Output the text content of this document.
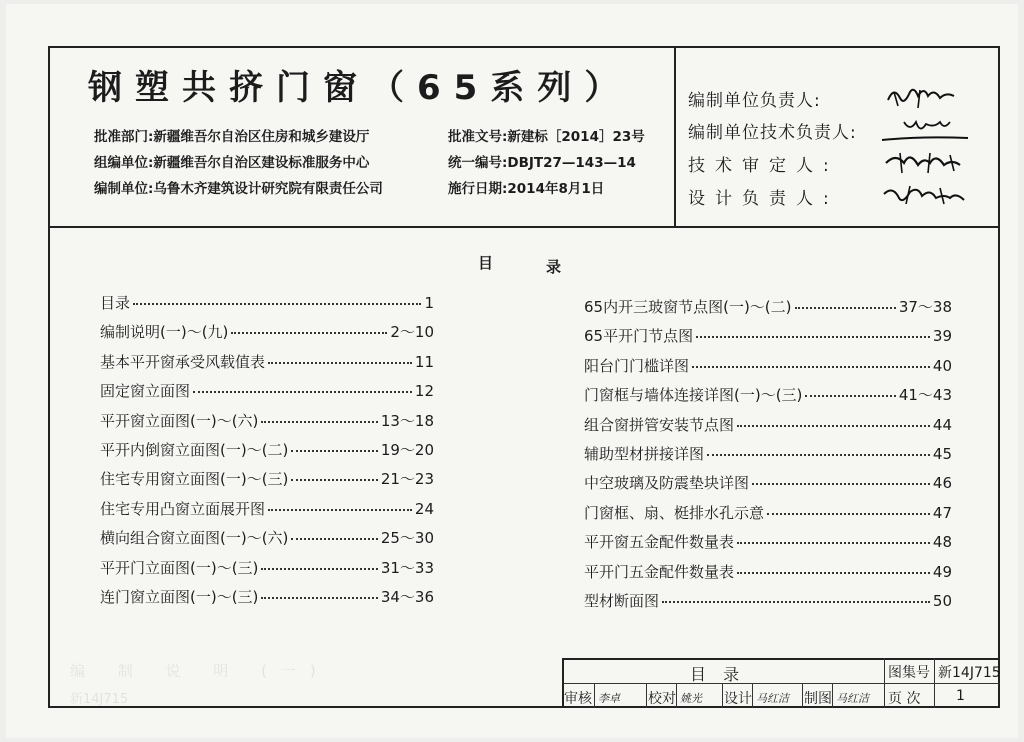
编 制 说 明 (一)
新14J715
钢塑共挤门窗（65系列）
批准部门:新疆维吾尔自治区住房和城乡建设厅
组编单位:新疆维吾尔自治区建设标准服务中心
编制单位:乌鲁木齐建筑设计研究院有限责任公司
批准文号:新建标［2014］23号
统一编号:DBJT27—143—14
施行日期:2014年8月1日
编制单位负责人:
编制单位技术负责人:
技术审定人:
设计负责人:
目	录
目录	1
编制说明(一)～(九)	2～10
基本平开窗承受风载值表	11
固定窗立面图	12
平开窗立面图(一)～(六)	13～18
平开内倒窗立面图(一)～(二)	19～20
住宅专用窗立面图(一)～(三)	21～23
住宅专用凸窗立面展开图	24
横向组合窗立面图(一)～(六)	25～30
平开门立面图(一)～(三)	31～33
连门窗立面图(一)～(三)	34～36
65内开三玻窗节点图(一)～(二)	37～38
65平开门节点图	39
阳台门门槛详图	40
门窗框与墙体连接详图(一)～(三)	41～43
组合窗拼管安装节点图	44
辅助型材拼接详图	45
中空玻璃及防震垫块详图	46
门窗框、扇、梃排水孔示意	47
平开窗五金配件数量表	48
平开门五金配件数量表	49
型材断面图	50
目 录	图集号 新14J715
审核 李卓 校对 姚光 设计 马红洁 制图 马红洁 页 次	1
